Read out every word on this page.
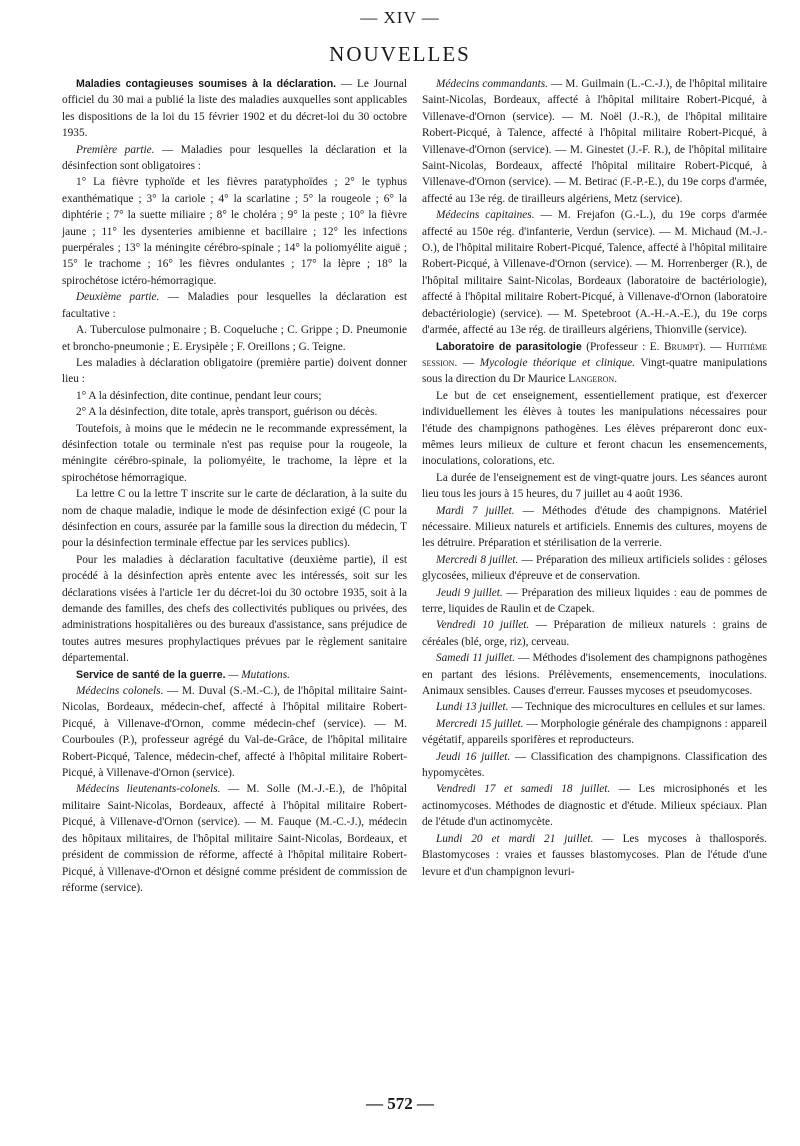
— XIV —
NOUVELLES

Maladies contagieuses soumises à la déclaration. — Le Journal officiel du 30 mai a publié la liste des maladies auxquelles sont applicables les dispositions de la loi du 15 février 1902 et du décret-loi du 30 octobre 1935.

Première partie. — Maladies pour lesquelles la déclaration et la désinfection sont obligatoires :

1° La fièvre typhoïde et les fièvres paratyphoïdes ; 2° le typhus exanthématique ; 3° la cariole ; 4° la scarlatine ; 5° la rougeole ; 6° la diphtérie ; 7° la suette miliaire ; 8° le choléra ; 9° la peste ; 10° la fièvre jaune ; 11° les dysenteries amibienne et bacillaire ; 12° les infections puerpérales ; 13° la méningite cérébro-spinale ; 14° la poliomyélite aiguë ; 15° le trachome ; 16° les fièvres ondulantes ; 17° la lèpre ; 18° la spirochétose ictéro-hémorragique.

Deuxième partie. — Maladies pour lesquelles la déclaration est facultative :

A. Tuberculose pulmonaire ; B. Coqueluche ; C. Grippe ; D. Pneumonie et broncho-pneumonie ; E. Erysipèle ; F. Oreillons ; G. Teigne.

Les maladies à déclaration obligatoire (première partie) doivent donner lieu :

1° A la désinfection, dite continue, pendant leur cours;

2° A la désinfection, dite totale, après transport, guérison ou décès.

Toutefois, à moins que le médecin ne le recommande expressément, la désinfection totale ou terminale n'est pas requise pour la rougeole, la méningite cérébro-spinale, la poliomyéite, le trachome, la lèpre et la spirochétose hémorragique.

La lettre C ou la lettre T inscrite sur le carte de déclaration, à la suite du nom de chaque maladie, indique le mode de désinfection exigé (C pour la désinfection en cours, assurée par la famille sous la direction du médecin, T pour la désinfection terminale effectue par les services publics).

Pour les maladies à déclaration facultative (deuxième partie), il est procédé à la désinfection après entente avec les intéressés, soit sur les déclarations visées à l'article 1er du décret-loi du 30 octobre 1935, soit à la demande des familles, des chefs des collectivités publiques ou privées, des administrations hospitalières ou des bureaux d'assistance, sans préjudice de toutes autres mesures prophylactiques prévues par le règlement sanitaire départemental.

Service de santé de la guerre. — Mutations.

Médecins colonels. — M. Duval (S.-M.-C.), de l'hôpital militaire Saint-Nicolas, Bordeaux, médecin-chef, affecté à l'hôpital militaire Robert-Picqué, à Villenave-d'Ornon, comme médecin-chef (service). — M. Courboules (P.), professeur agrégé du Val-de-Grâce, de l'hôpital militaire Robert-Picqué, Talence, médecin-chef, affecté à l'hôpital militaire Robert-Picqué, à Villenave-d'Ornon (service).

Médecins lieutenants-colonels. — M. Solle (M.-J.-E.), de l'hôpital militaire Saint-Nicolas, Bordeaux, affecté à l'hôpital militaire Robert-Picqué, à Villenave-d'Ornon (service). — M. Fauque (M.-C.-J.), médecin des hôpitaux militaires, de l'hôpital militaire Saint-Nicolas, Bordeaux, et président de commission de réforme, affecté à l'hôpital militaire Robert-Picqué, à Villenave-d'Ornon et désigné comme président de commission de réforme (service).

Médecins commandants. — M. Guilmain (L.-C.-J.), de l'hôpital militaire Saint-Nicolas, Bordeaux, affecté à l'hôpital militaire Robert-Picqué, à Villenave-d'Ornon (service). — M. Noël (J.-R.), de l'hôpital militaire Robert-Picqué, à Talence, affecté à l'hôpital militaire Robert-Picqué, à Villenave-d'Ornon (service). — M. Ginestet (J.-F. R.), de l'hôpital militaire Saint-Nicolas, Bordeaux, affecté l'hôpital militaire Robert-Picqué, à Villenave-d'Ornon (service). — M. Betirac (F.-P.-E.), du 19e corps d'armée, affecté au 13e rég. de tirailleurs algériens, Metz (service).

Médecins capitaines. — M. Frejafon (G.-L.), du 19e corps d'armée affecté au 150e rég. d'infanterie, Verdun (service). — M. Michaud (M.-J.-O.), de l'hôpital militaire Robert-Picqué, Talence, affecté à l'hôpital militaire Robert-Picqué, à Villenave-d'Ornon (service). — M. Horrenberger (R.), de l'hôpital militaire Saint-Nicolas, Bordeaux (laboratoire de bactériologie), affecté à l'hôpital militaire Robert-Picqué, à Villenave-d'Ornon (laboratoire debactériologie) (service). — M. Spetebroot (A.-H.-A.-E.), du 19e corps d'armée, affecté au 13e rég. de tirailleurs algériens, Thionville (service).

Laboratoire de parasitologie (Professeur : E. Brumpt). — Huitième session. — Mycologie théorique et clinique. Vingt-quatre manipulations sous la direction du Dr Maurice Langeron.

Le but de cet enseignement, essentiellement pratique, est d'exercer individuellement les élèves à toutes les manipulations nécessaires pour l'étude des champignons pathogènes. Les élèves prépareront donc eux-mêmes leurs milieux de culture et feront chacun les ensemencements, inoculations, colorations, etc.

La durée de l'enseignement est de vingt-quatre jours. Les séances auront lieu tous les jours à 15 heures, du 7 juillet au 4 août 1936.

Mardi 7 juillet. — Méthodes d'étude des champignons. Matériel nécessaire. Milieux naturels et artificiels. Ennemis des cultures, moyens de les détruire. Préparation et stérilisation de la verrerie.

Mercredi 8 juillet. — Préparation des milieux artificiels solides : géloses glycosées, milieux d'épreuve et de conservation.

Jeudi 9 juillet. — Préparation des milieux liquides : eau de pommes de terre, liquides de Raulin et de Czapek.

Vendredi 10 juillet. — Préparation de milieux naturels : grains de céréales (blé, orge, riz), cerveau.

Samedi 11 juillet. — Méthodes d'isolement des champignons pathogènes en partant des lésions. Prélèvements, ensemencements, inoculations. Animaux sensibles. Causes d'erreur. Fausses mycoses et pseudomycoses.

Lundi 13 juillet. — Technique des microcultures en cellules et sur lames.

Mercredi 15 juillet. — Morphologie générale des champignons : appareil végétatif, appareils sporifères et reproducteurs.

Jeudi 16 juillet. — Classification des champignons. Classification des hypomycètes.

Vendredi 17 et samedi 18 juillet. — Les microsiphonés et les actinomycoses. Méthodes de diagnostic et d'étude. Milieux spéciaux. Plan de l'étude d'un actinomycète.

Lundi 20 et mardi 21 juillet. — Les mycoses à thallosporés. Blastomycoses : vraies et fausses blastomycoses. Plan de l'étude d'une levure et d'un champignon levuri-

— 572 —
